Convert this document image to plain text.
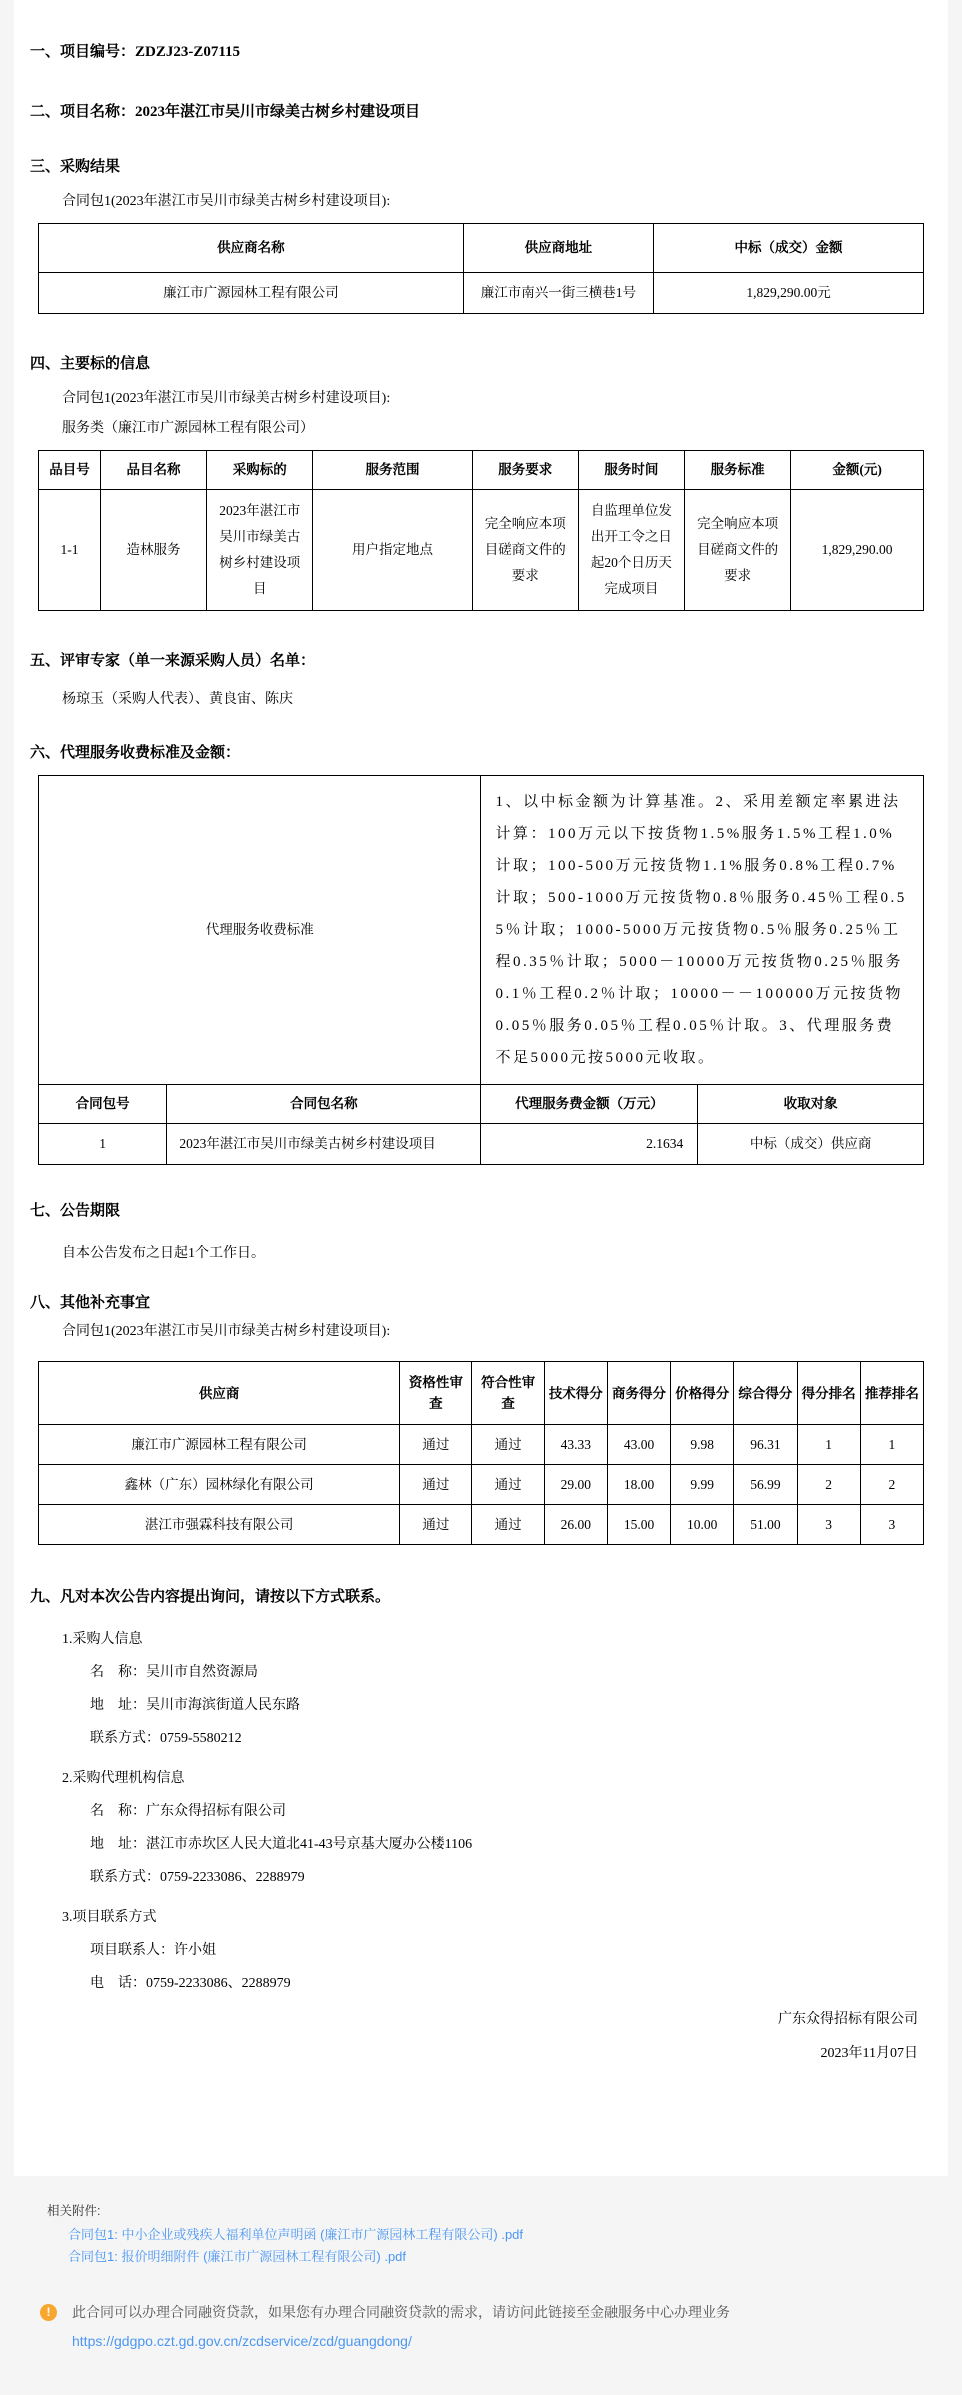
一、项目编号：ZDZJ23-Z07115
二、项目名称：2023年湛江市吴川市绿美古树乡村建设项目
三、采购结果
合同包1(2023年湛江市吴川市绿美古树乡村建设项目):
供应商名称	供应商地址	中标（成交）金额
廉江市广源园林工程有限公司	廉江市南兴一街三横巷1号	1,829,290.00元
四、主要标的信息
合同包1(2023年湛江市吴川市绿美古树乡村建设项目):
服务类（廉江市广源园林工程有限公司）
品目号	品目名称	采购标的	服务范围	服务要求	服务时间	服务标准	金额(元)
1-1	造林服务	2023年湛江市吴川市绿美古树乡村建设项目	用户指定地点	完全响应本项目磋商文件的要求	自监理单位发出开工令之日起20个日历天完成项目	完全响应本项目磋商文件的要求	1,829,290.00
五、评审专家（单一来源采购人员）名单：
杨琼玉（采购人代表）、黄良宙、陈庆
六、代理服务收费标准及金额：
代理服务收费标准		1、以中标金额为计算基准。2、采用差额定率累进法计算：100万元以下按货物1.5%服务1.5%工程1.0%计取；100-500万元按货物1.1%服务0.8%工程0.7%计取；500-1000万元按货物0.8％服务0.45％工程0.55％计取；1000-5000万元按货物0.5％服务0.25％工程0.35％计取；5000－10000万元按货物0.25％服务0.1％工程0.2％计取；10000－－100000万元按货物0.05％服务0.05％工程0.05％计取。3、代理服务费不足5000元按5000元收取。	
合同包号	合同包名称	代理服务费金额（万元）	收取对象
1	2023年湛江市吴川市绿美古树乡村建设项目	2.1634	中标（成交）供应商
七、公告期限
自本公告发布之日起1个工作日。
八、其他补充事宜
合同包1(2023年湛江市吴川市绿美古树乡村建设项目):
供应商	资格性审查	符合性审查	技术得分	商务得分	价格得分	综合得分	得分排名	推荐排名
廉江市广源园林工程有限公司	通过	通过	43.33	43.00	9.98	96.31	1	1
鑫林（广东）园林绿化有限公司	通过	通过	29.00	18.00	9.99	56.99	2	2
湛江市强霖科技有限公司	通过	通过	26.00	15.00	10.00	51.00	3	3
九、凡对本次公告内容提出询问，请按以下方式联系。
1.采购人信息
名　称：吴川市自然资源局
地　址：吴川市海滨街道人民东路
联系方式：0759-5580212
2.采购代理机构信息
名　称：广东众得招标有限公司
地　址：湛江市赤坎区人民大道北41-43号京基大厦办公楼1106
联系方式：0759-2233086、2288979
3.项目联系方式
项目联系人：许小姐
电　话：0759-2233086、2288979
广东众得招标有限公司
2023年11月07日
相关附件:
合同包1: 中小企业或残疾人福利单位声明函 (廉江市广源园林工程有限公司) .pdf
合同包1: 报价明细附件 (廉江市广源园林工程有限公司) .pdf
!	此合同可以办理合同融资贷款，如果您有办理合同融资贷款的需求，请访问此链接至金融服务中心办理业务
https://gdgpo.czt.gd.gov.cn/zcdservice/zcd/guangdong/
